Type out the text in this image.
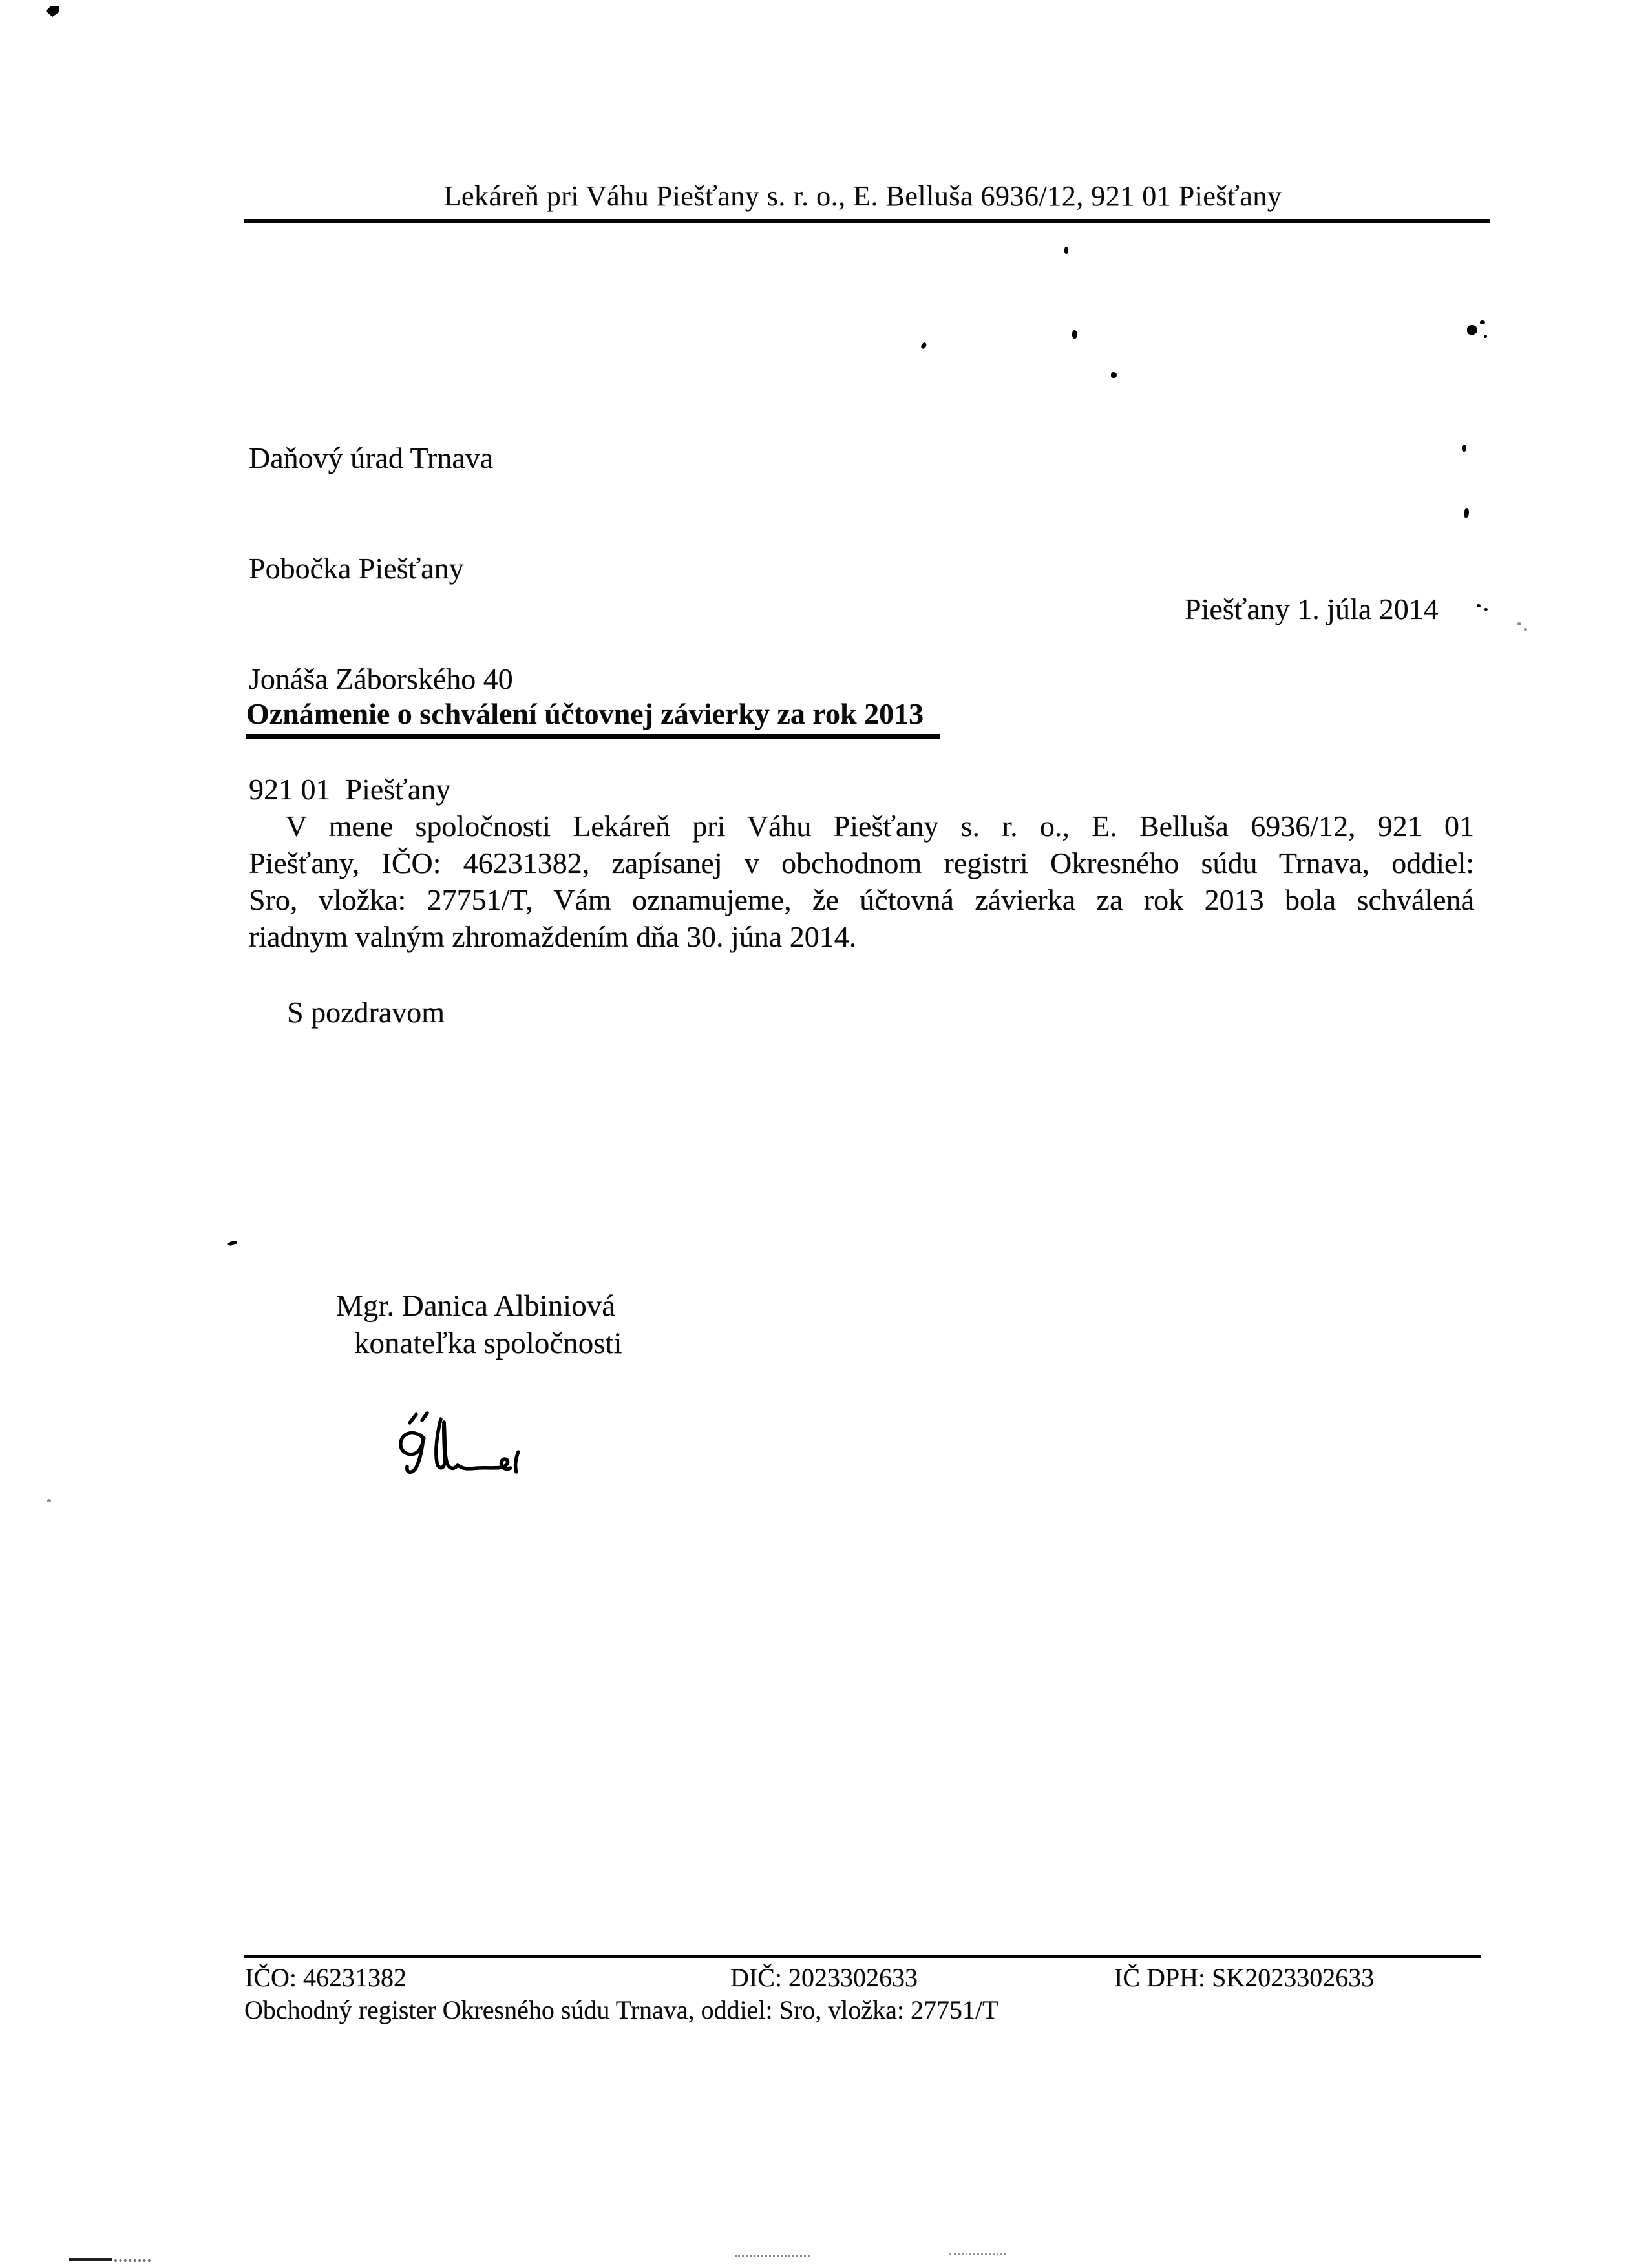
Lekáreň pri Váhu Piešťany s. r. o., E. Belluša 6936/12, 921 01 Piešťany

Daňový úrad Trnava

Pobočka Piešťany

Jonáša Záborského 40

921 01  Piešťany

Piešťany 1. júla 2014
Oznámenie o schválení účtovnej závierky za rok 2013
V mene spoločnosti Lekáreň pri Váhu Piešťany s. r. o., E. Belluša 6936/12, 921 01
Piešťany, IČO: 46231382, zapísanej v obchodnom registri Okresného súdu Trnava, oddiel:
Sro, vložka: 27751/T, Vám oznamujeme, že účtovná závierka za rok 2013 bola schválená
riadnym valným zhromaždením dňa 30. júna 2014.
S pozdravom
Mgr. Danica Albiniová
konateľka spoločnosti
IČO: 46231382	DIČ: 2023302633	IČ DPH: SK2023302633
Obchodný register Okresného súdu Trnava, oddiel: Sro, vložka: 27751/T
